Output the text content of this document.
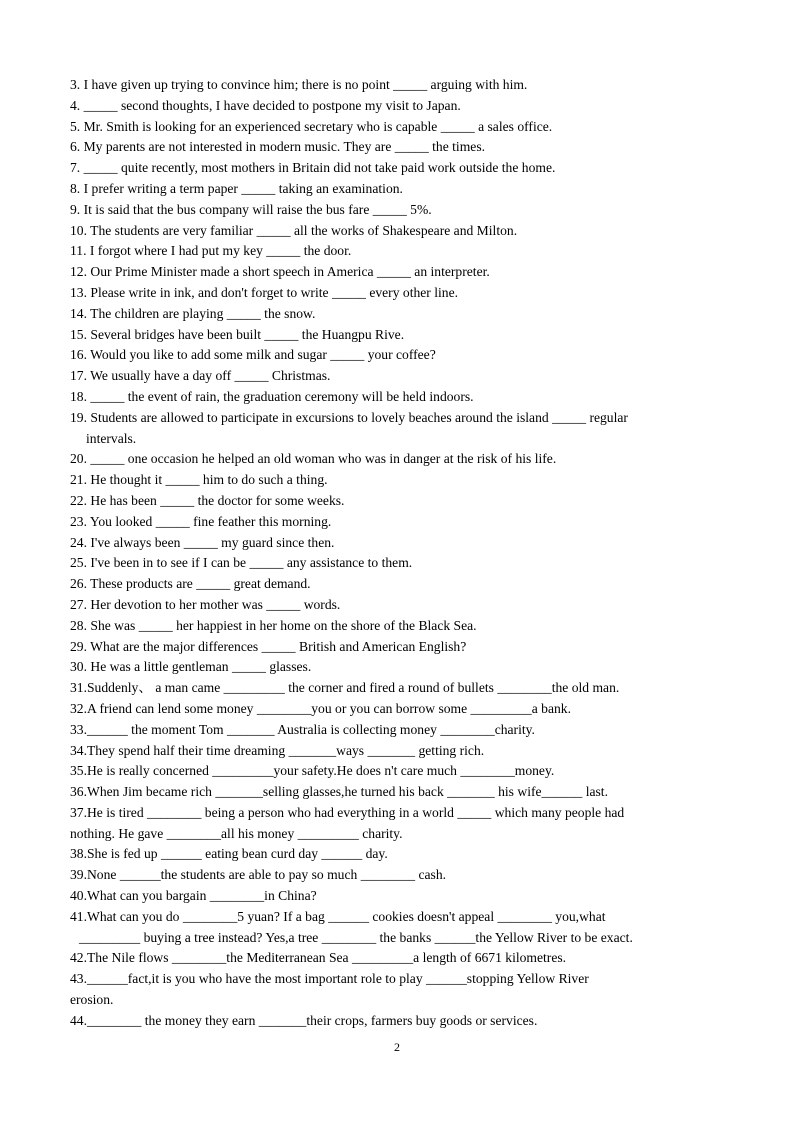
3. I have given up trying to convince him; there is no point _____ arguing with him.

4. _____ second thoughts, I have decided to postpone my visit to Japan.

5. Mr. Smith is looking for an experienced secretary who is capable _____ a sales office.

6. My parents are not interested in modern music. They are _____ the times.

7. _____ quite recently, most mothers in Britain did not take paid work outside the home.

8. I prefer writing a term paper _____ taking an examination.

9. It is said that the bus company will raise the bus fare _____ 5%.

10. The students are very familiar _____ all the works of Shakespeare and Milton.

11. I forgot where I had put my key _____ the door.

12. Our Prime Minister made a short speech in America _____ an interpreter.

13. Please write in ink, and don't forget to write _____ every other line.

14. The children are playing _____ the snow.

15. Several bridges have been built _____ the Huangpu Rive.

16. Would you like to add some milk and sugar _____ your coffee?

17. We usually have a day off _____ Christmas.

18. _____ the event of rain, the graduation ceremony will be held indoors.

19. Students are allowed to participate in excursions to lovely beaches around the island _____ regular
intervals.

20. _____ one occasion he helped an old woman who was in danger at the risk of his life.

21. He thought it _____ him to do such a thing.

22. He has been _____ the doctor for some weeks.

23. You looked _____ fine feather this morning.

24. I've always been _____ my guard since then.

25. I've been in to see if I can be _____ any assistance to them.

26. These products are _____ great demand.

27. Her devotion to her mother was _____ words.

28. She was _____ her happiest in her home on the shore of the Black Sea.

29. What are the major differences _____ British and American English?

30. He was a little gentleman _____ glasses.

31.Suddenly、 a man came _________ the corner and fired a round of bullets ________the old man.

32.A friend can lend some money ________you or you can borrow some _________a bank.

33.______ the moment Tom _______ Australia is collecting money ________charity.

34.They spend half their time dreaming _______ways _______ getting rich.

35.He is really concerned _________your safety.He does n't care much ________money.

36.When Jim became rich _______selling glasses,he turned his back _______ his wife______ last.

37.He is tired ________ being a person who had everything in a world _____ which many people had
nothing. He gave ________all his money _________ charity.

38.She is fed up ______ eating bean curd day ______ day.

39.None ______the students are able to pay so much ________ cash.

40.What can you bargain ________in China?

41.What can you do ________5 yuan? If a bag ______ cookies doesn't appeal ________ you,what
_________ buying a tree instead? Yes,a tree ________ the banks ______the Yellow River to be exact.

42.The Nile flows ________the Mediterranean Sea _________a length of 6671 kilometres.

43.______fact,it is you who have the most important role to play ______stopping Yellow River
erosion.

44.________ the money they earn _______their crops, farmers buy goods or services.

2
